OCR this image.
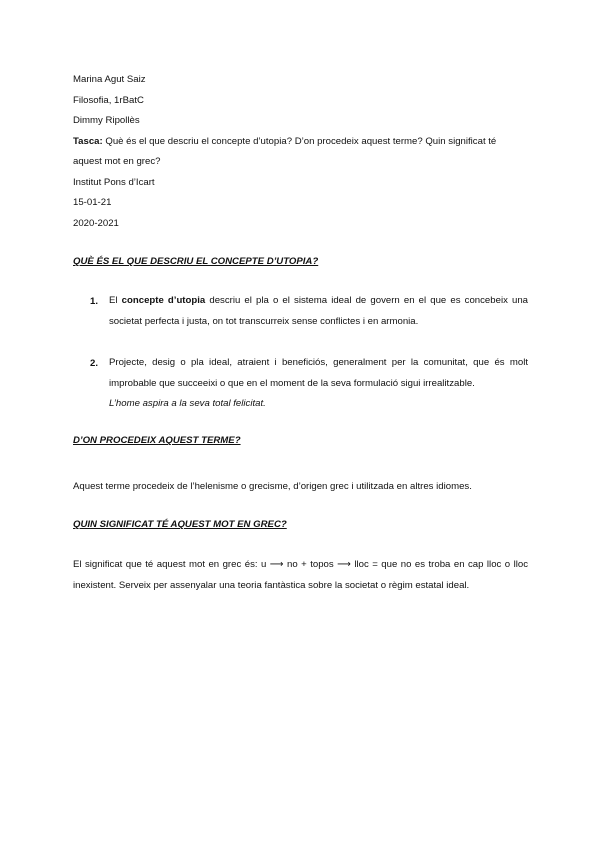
Marina Agut Saiz
Filosofia, 1rBatC
Dimmy Ripollès
Tasca: Què és el que descriu el concepte d’utopia? D’on procedeix aquest terme? Quin significat té
aquest mot en grec?
Institut Pons d’Icart
15-01-21
2020-2021
QUÈ ÉS EL QUE DESCRIU EL CONCEPTE D’UTOPIA?
1. El concepte d’utopia descriu el pla o el sistema ideal de govern en el que es concebeix una societat perfecta i justa, on tot transcurreix sense conflictes i en armonia.
2. Projecte, desig o pla ideal, atraient i beneficiós, generalment per la comunitat, que és molt improbable que succeeixi o que en el moment de la seva formulació sigui irrealitzable.
L’home aspira a la seva total felicitat.
D’ON PROCEDEIX AQUEST TERME?
Aquest terme procedeix de l’helenisme o grecisme, d’origen grec i utilitzada en altres idiomes.
QUIN SIGNIFICAT TÉ AQUEST MOT EN GREC?
El significat que té aquest mot en grec és: u ⟶ no + topos ⟶ lloc = que no es troba en cap lloc o lloc inexistent. Serveix per assenyalar una teoria fantàstica sobre la societat o règim estatal ideal.
